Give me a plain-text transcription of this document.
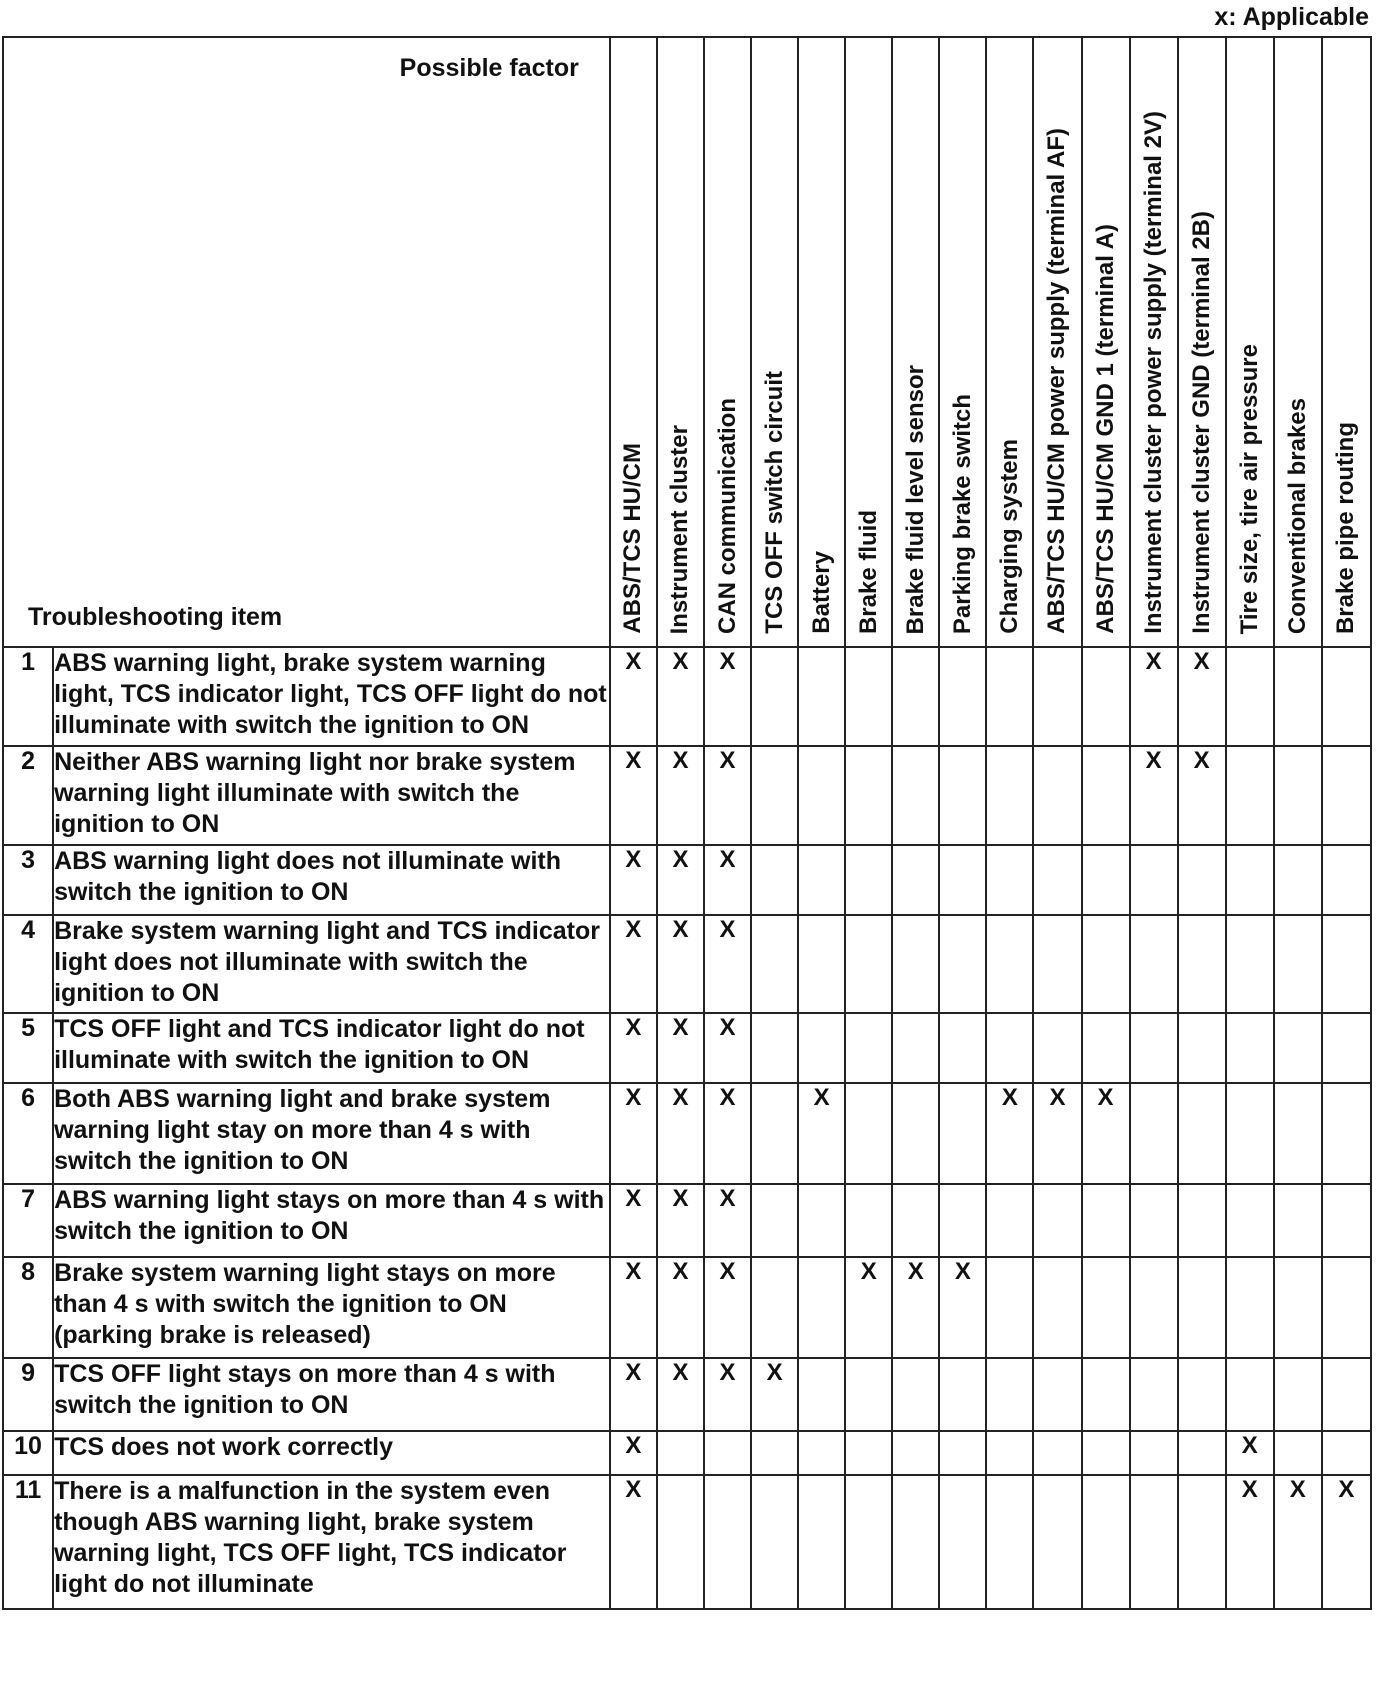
x: Applicable
Possible factor
Troubleshooting item		ABS/TCS HU/CM	Instrument cluster	CAN communication	TCS OFF switch circuit	Battery	Brake fluid	Brake fluid level sensor	Parking brake switch	Charging system	ABS/TCS HU/CM power supply (terminal AF)	ABS/TCS HU/CM GND 1 (terminal A)	Instrument cluster power supply (terminal 2V)	Instrument cluster GND (terminal 2B)	Tire size, tire air pressure	Conventional brakes	Brake pipe routing

1	ABS warning light, brake system warning light, TCS indicator light, TCS OFF light do not illuminate with switch the ignition to ON	X	X	X									X	X			
2	Neither ABS warning light nor brake system warning light illuminate with switch the ignition to ON	X	X	X									X	X			
3	ABS warning light does not illuminate with switch the ignition to ON	X	X	X													
4	Brake system warning light and TCS indicator light does not illuminate with switch the ignition to ON	X	X	X													
5	TCS OFF light and TCS indicator light do not illuminate with switch the ignition to ON	X	X	X													
6	Both ABS warning light and brake system warning light stay on more than 4 s with switch the ignition to ON	X	X	X		X				X	X	X					
7	ABS warning light stays on more than 4 s with switch the ignition to ON	X	X	X													
8	Brake system warning light stays on more than 4 s with switch the ignition to ON (parking brake is released)	X	X	X			X	X	X								
9	TCS OFF light stays on more than 4 s with switch the ignition to ON	X	X	X	X												
10	TCS does not work correctly	X													X		
11	There is a malfunction in the system even though ABS warning light, brake system warning light, TCS OFF light, TCS indicator light do not illuminate	X													X	X	X
